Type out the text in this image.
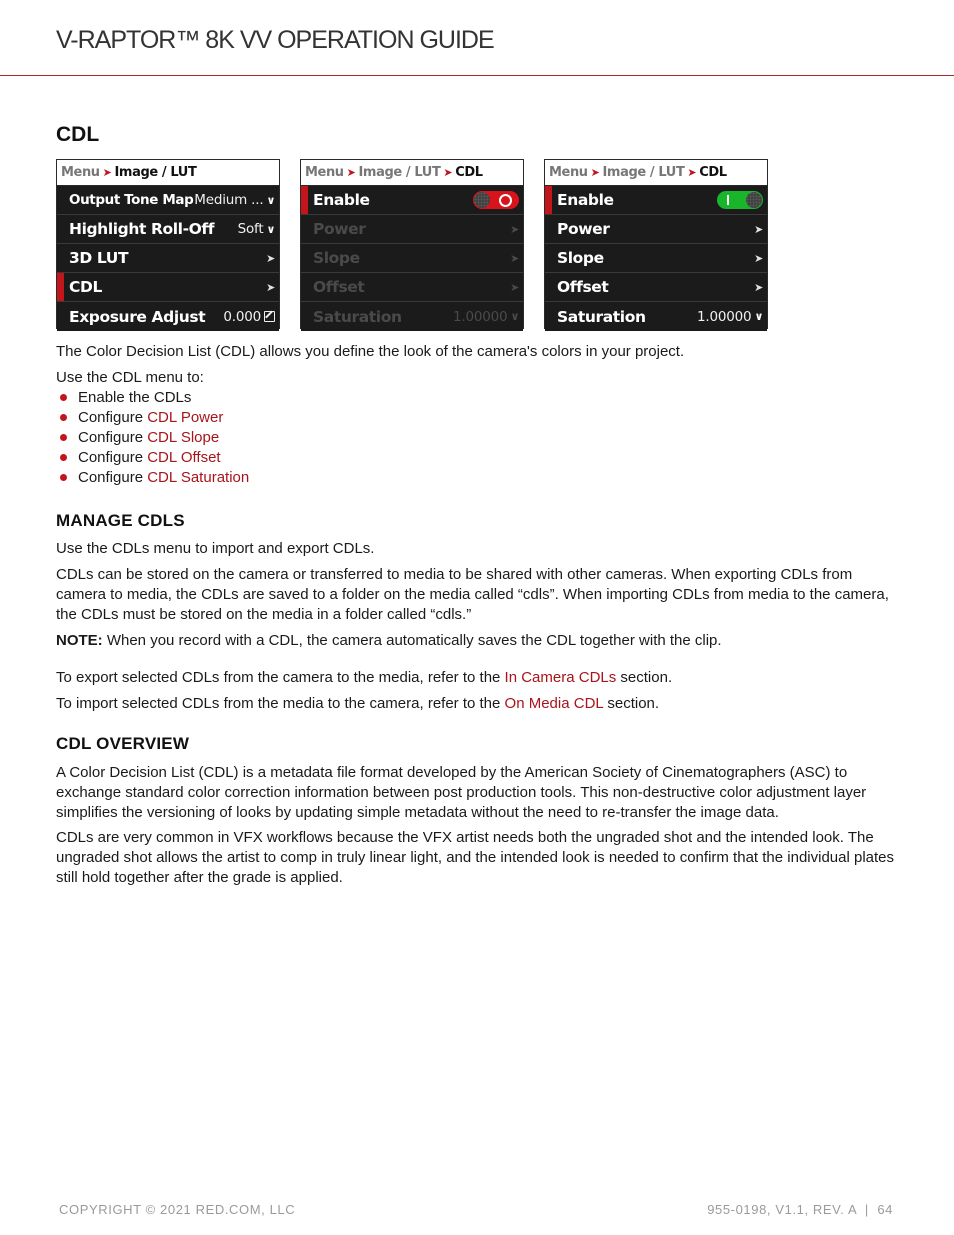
V-RAPTOR™ 8K VV OPERATION GUIDE
CDL
Menu ➤ Image / LUT
Output Tone Map Medium ... ∨
Highlight Roll-Off	Soft ∨
3D LUT	➤
CDL	➤
Exposure Adjust	0.000
Menu ➤ Image / LUT ➤ CDL
Enable
Power	➤
Slope	➤
Offset	➤
Saturation	1.00000 ∨
Menu ➤ Image / LUT ➤ CDL
Enable
Power	➤
Slope	➤
Offset	➤
Saturation	1.00000 ∨
The Color Decision List (CDL) allows you define the look of the camera's colors in your project.
Use the CDL menu to:
Enable the CDLs
Configure CDL Power
Configure CDL Slope
Configure CDL Offset
Configure CDL Saturation
MANAGE CDLS
Use the CDLs menu to import and export CDLs.
CDLs can be stored on the camera or transferred to media to be shared with other cameras. When exporting CDLs from camera to media, the CDLs are saved to a folder on the media called “cdls”. When importing CDLs from media to the camera, the CDLs must be stored on the media in a folder called “cdls.”
NOTE: When you record with a CDL, the camera automatically saves the CDL together with the clip.
To export selected CDLs from the camera to the media, refer to the In Camera CDLs section.
To import selected CDLs from the media to the camera, refer to the On Media CDL section.
CDL OVERVIEW
A Color Decision List (CDL) is a metadata file format developed by the American Society of Cinematographers (ASC) to exchange standard color correction information between post production tools. This non-destructive color adjustment layer simplifies the versioning of looks by updating simple metadata without the need to re-transfer the image data.
CDLs are very common in VFX workflows because the VFX artist needs both the ungraded shot and the intended look. The ungraded shot allows the artist to comp in truly linear light, and the intended look is needed to confirm that the individual plates still hold together after the grade is applied.
COPYRIGHT © 2021 RED.COM, LLC	955-0198, V1.1, REV. A  |  64
